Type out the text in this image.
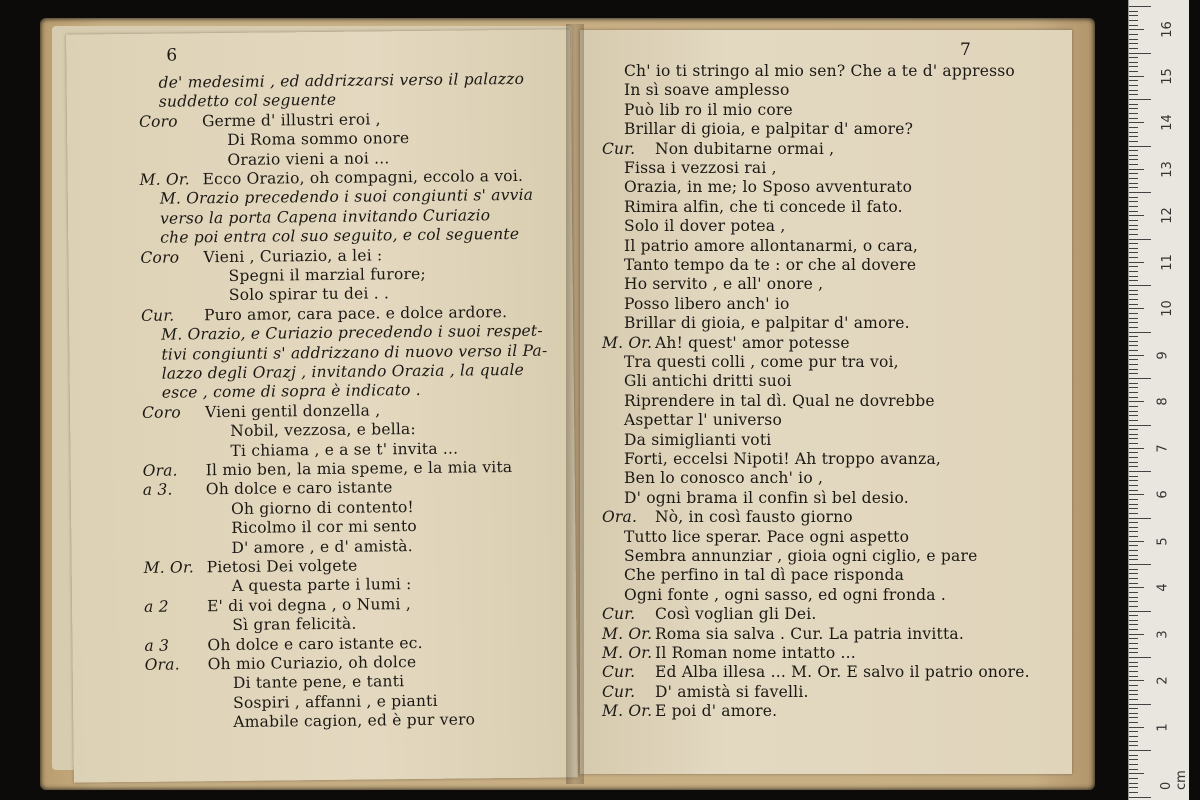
6
de' medesimi , ed addrizzarsi verso il palazzo
suddetto col seguente
Coro Germe d' illustri eroi ,
Di Roma sommo onore
Orazio vieni a noi ...
M. Or. Ecco Orazio, oh compagni, eccolo a voi.
M. Orazio precedendo i suoi congiunti s' avvia
verso la porta Capena invitando Curiazio
che poi entra col suo seguito, e col seguente
Coro Vieni , Curiazio, a lei :
Spegni il marzial furore;
Solo spirar tu dei . .
Cur. Puro amor, cara pace. e dolce ardore.
M. Orazio, e Curiazio precedendo i suoi respet-
tivi congiunti s' addrizzano di nuovo verso il Pa-
lazzo degli Orazj , invitando Orazia , la quale
esce , come di sopra è indicato .
Coro Vieni gentil donzella ,
Nobil, vezzosa, e bella:
Ti chiama , e a se t' invita ...
Ora. Il mio ben, la mia speme, e la mia vita
a 3. Oh dolce e caro istante
Oh giorno di contento!
Ricolmo il cor mi sento
D' amore , e d' amistà.
M. Or. Pietosi Dei volgete
A questa parte i lumi :
a 2 E' di voi degna , o Numi ,
Sì gran felicità.
a 3 Oh dolce e caro istante ec.
Ora. Oh mio Curiazio, oh dolce
Di tante pene, e tanti
Sospiri , affanni , e pianti
Amabile cagion, ed è pur vero
7
Ch' io ti stringo al mio sen? Che a te d' appresso
In sì soave amplesso
Può lib ro il mio core
Brillar di gioia, e palpitar d' amore?
Cur. Non dubitarne ormai ,
Fissa i vezzosi rai ,
Orazia, in me; lo Sposo avventurato
Rimira alfin, che ti concede il fato.
Solo il dover potea ,
Il patrio amore allontanarmi, o cara,
Tanto tempo da te : or che al dovere
Ho servito , e all' onore ,
Posso libero anch' io
Brillar di gioia, e palpitar d' amore.
M. Or. Ah! quest' amor potesse
Tra questi colli , come pur tra voi,
Gli antichi dritti suoi
Riprendere in tal dì. Qual ne dovrebbe
Aspettar l' universo
Da simiglianti voti
Forti, eccelsi Nipoti! Ah troppo avanza,
Ben lo conosco anch' io ,
D' ogni brama il confin sì bel desio.
Ora. Nò, in così fausto giorno
Tutto lice sperar. Pace ogni aspetto
Sembra annunziar , gioia ogni ciglio, e pare
Che perfino in tal dì pace risponda
Ogni fonte , ogni sasso, ed ogni fronda .
Cur. Così voglian gli Dei.
M. Or. Roma sia salva . Cur. La patria invitta.
M. Or. Il Roman nome intatto ...
Cur. Ed Alba illesa ... M. Or. E salvo il patrio onore.
Cur. D' amistà si favelli.
M. Or. E poi d' amore.
16
15
14
13
12
11
10
9
8
7
6
5
4
3
2
1
0 cm
